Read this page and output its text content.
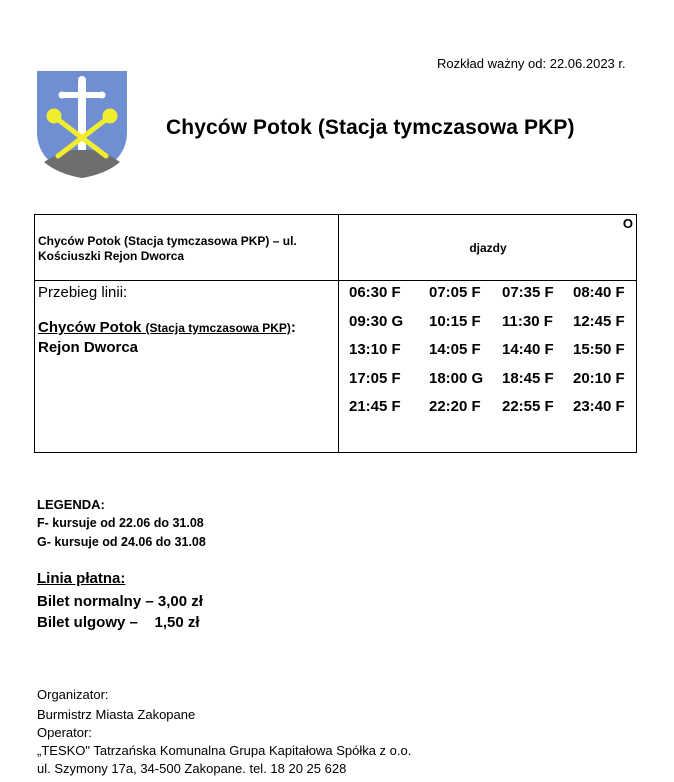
Rozkład ważny od: 22.06.2023 r.
Chyców Potok (Stacja tymczasowa PKP)
Chyców Potok (Stacja tymczasowa PKP) – ul. Kościuszki Rejon Dworca
djazdy
O
Przebieg linii:
Chyców Potok (Stacja tymczasowa PKP):
Rejon Dworca
06:30 F	07:05 F	07:35 F	08:40 F
09:30 G	10:15 F	11:30 F	12:45 F
13:10 F	14:05 F	14:40 F	15:50 F
17:05 F	18:00 G	18:45 F	20:10 F
21:45 F	22:20 F	22:55 F	23:40 F
LEGENDA:
F- kursuje od 22.06 do 31.08
G- kursuje od 24.06 do 31.08
Linia płatna:
Bilet normalny – 3,00 zł
Bilet ulgowy –    1,50 zł
Organizator:
Burmistrz Miasta Zakopane
Operator:
„TESKO" Tatrzańska Komunalna Grupa Kapitałowa Spółka z o.o.
ul. Szymony 17a, 34-500 Zakopane. tel. 18 20 25 628
